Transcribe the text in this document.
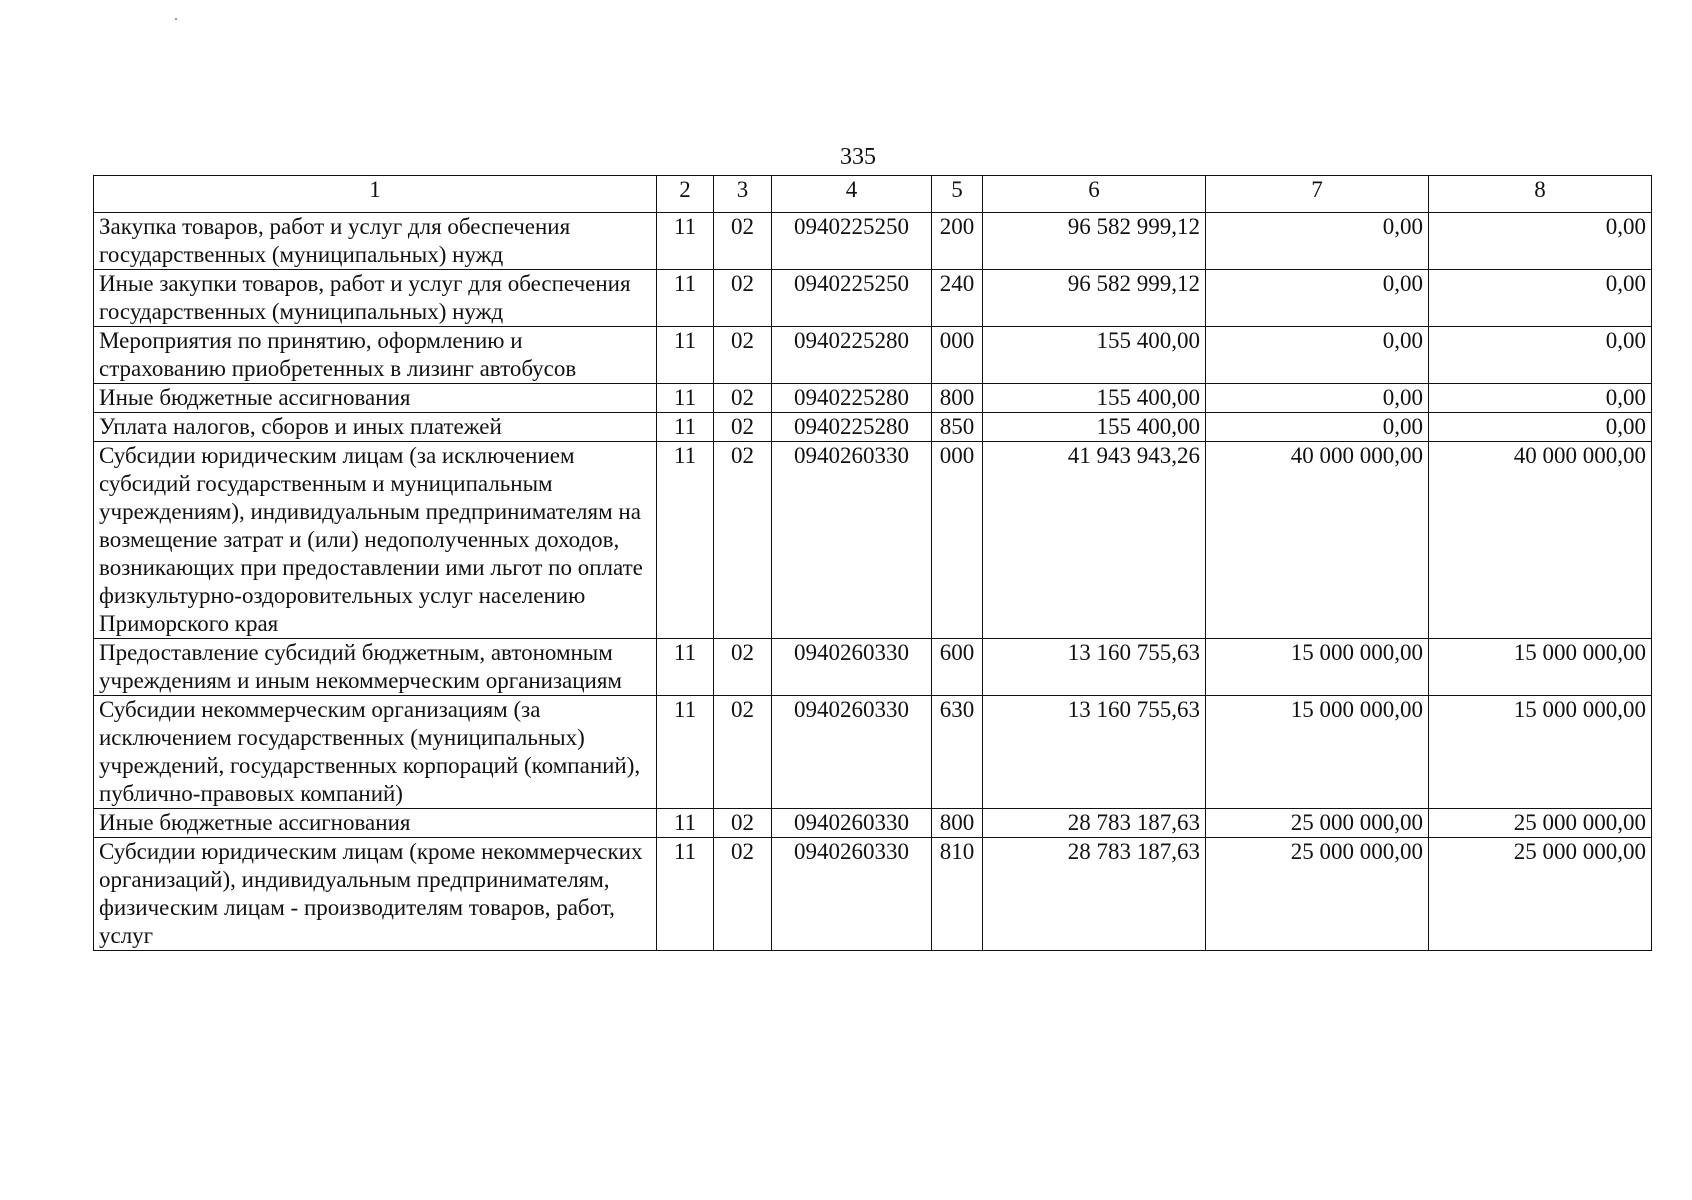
335
1	2	3	4	5	6	7	8
Закупка товаров, работ и услуг для обеспечения государственных (муниципальных) нужд	11	02	0940225250	200	96 582 999,12	0,00	0,00
Иные закупки товаров, работ и услуг для обеспечения государственных (муниципальных) нужд	11	02	0940225250	240	96 582 999,12	0,00	0,00
Мероприятия по принятию, оформлению и страхованию приобретенных в лизинг автобусов	11	02	0940225280	000	155 400,00	0,00	0,00
Иные бюджетные ассигнования	11	02	0940225280	800	155 400,00	0,00	0,00
Уплата налогов, сборов и иных платежей	11	02	0940225280	850	155 400,00	0,00	0,00
Субсидии юридическим лицам (за исключением субсидий государственным и муниципальным учреждениям), индивидуальным предпринимателям на возмещение затрат и (или) недополученных доходов, возникающих при предоставлении ими льгот по оплате физкультурно-оздоровительных услуг населению Приморского края	11	02	0940260330	000	41 943 943,26	40 000 000,00	40 000 000,00
Предоставление субсидий бюджетным, автономным учреждениям и иным некоммерческим организациям	11	02	0940260330	600	13 160 755,63	15 000 000,00	15 000 000,00
Субсидии некоммерческим организациям (за исключением государственных (муниципальных) учреждений, государственных корпораций (компаний), публично-правовых компаний)	11	02	0940260330	630	13 160 755,63	15 000 000,00	15 000 000,00
Иные бюджетные ассигнования	11	02	0940260330	800	28 783 187,63	25 000 000,00	25 000 000,00
Субсидии юридическим лицам (кроме некоммерческих организаций), индивидуальным предпринимателям, физическим лицам - производителям товаров, работ, услуг	11	02	0940260330	810	28 783 187,63	25 000 000,00	25 000 000,00
